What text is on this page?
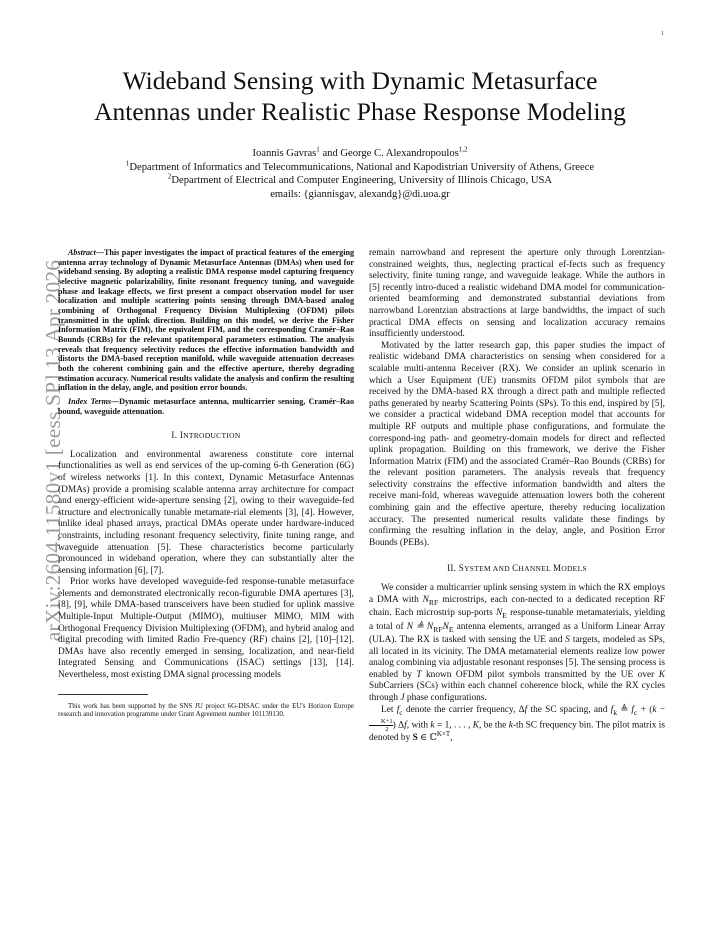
1
arXiv:2604.11580v1 [eess.SP] 13 Apr 2026
Wideband Sensing with Dynamic Metasurface
Antennas under Realistic Phase Response Modeling
Ioannis Gavras$^1$ and George C. Alexandropoulos$^{1,2}$
$^1$Department of Informatics and Telecommunications, National and Kapodistrian University of Athens, Greece
$^2$Department of Electrical and Computer Engineering, University of Illinois Chicago, USA
emails: {giannisgav, alexandg}@di.uoa.gr

Abstract—This paper investigates the impact of practical features of the emerging antenna array technology of Dynamic Metasurface Antennas (DMAs) when used for wideband sensing. By adopting a realistic DMA response model capturing frequency selective magnetic polarizability, finite resonant frequency tuning, and waveguide phase and leakage effects, we first present a compact observation model for user localization and multiple scattering points sensing through DMA-based analog combining of Orthogonal Frequency Division Multiplexing (OFDM) pilots transmitted in the uplink direction. Building on this model, we derive the Fisher Information Matrix (FIM), the equivalent FIM, and the corresponding Cramér–Rao Bounds (CRBs) for the relevant spatitemporal parameters estimation. The analysis reveals that frequency selectivity reduces the effective information bandwidth and distorts the DMA-based reception manifold, while waveguide attenuation decreases both the coherent combining gain and the effective aperture, thereby degrading estimation accuracy. Numerical results validate the analysis and confirm the resulting inflation in the delay, angle, and position error bounds.

Index Terms—Dynamic metasurface antenna, multicarrier sensing, Cramér–Rao bound, waveguide attenuation.

I. INTRODUCTION

Localization and environmental awareness constitute core internal functionalities as well as end services of the up-coming 6-th Generation (6G) of wireless networks [1]. In this context, Dynamic Metasurface Antennas (DMAs) provide a promising scalable antenna array architecture for compact and energy-efficient wide-aperture sensing [2], owing to their waveguide-fed structure and electronically tunable metamate-rial elements [3], [4]. However, unlike ideal phased arrays, practical DMAs operate under hardware-induced constraints, including resonant frequency selectivity, finite tuning range, and waveguide attenuation [5]. These characteristics become particularly pronounced in wideband operation, where they can substantially alter the sensing information [6], [7].

Prior works have developed waveguide-fed response-tunable metasurface elements and demonstrated electronically recon-figurable DMA apertures [3], [8], [9], while DMA-based transceivers have been studied for uplink massive Multiple-Input Multiple-Output (MIMO), multiuser MIMO, MIM with Orthogonal Frequency Division Multiplexing (OFDM), and hybrid analog and digital precoding with limited Radio Fre-quency (RF) chains [2], [10]–[12]. DMAs have also recently emerged in sensing, localization, and near-field Integrated Sensing and Communications (ISAC) settings [13], [14]. Nevertheless, most existing DMA signal processing models

This work has been supported by the SNS JU project 6G-DISAC under the EU's Horizon Europe research and innovation programme under Grant Agreement number 101139130.

remain narrowband and represent the aperture only through Lorentzian-constrained weights, thus, neglecting practical ef-fects such as frequency selectivity, finite tuning range, and waveguide leakage. While the authors in [5] recently intro-duced a realistic wideband DMA model for communication-oriented beamforming and demonstrated substantial deviations from narrowband Lorentzian abstractions at large bandwidths, the impact of such practical DMA effects on sensing and localization accuracy remains insufficiently understood.

Motivated by the latter research gap, this paper studies the impact of realistic wideband DMA characteristics on sensing when considered for a scalable multi-antenna Receiver (RX). We consider an uplink scenario in which a User Equipment (UE) transmits OFDM pilot symbols that are received by the DMA-based RX through a direct path and multiple reflected paths generated by nearby Scattering Points (SPs). To this end, inspired by [5], we consider a practical wideband DMA reception model that accounts for multiple RF outputs and multiple phase configurations, and formulate the correspond-ing path- and geometry-domain models for direct and reflected uplink propagation. Building on this framework, we derive the Fisher Information Matrix (FIM) and the associated Cramér–Rao Bounds (CRBs) for the relevant position parameters. The analysis reveals that frequency selectivity constrains the effective information bandwidth and alters the receive mani-fold, whereas waveguide attenuation lowers both the coherent combining gain and the effective aperture, thereby reducing localization accuracy. The presented numerical results validate these findings by confirming the resulting inflation in the delay, angle, and Position Error Bounds (PEBs).

II. SYSTEM AND CHANNEL MODELS

We consider a multicarrier uplink sensing system in which the RX employs a DMA with $N_{RF}$ microstrips, each con-nected to a dedicated reception RF chain. Each microstrip sup-ports $N_E$ response-tunable metamaterials, yielding a total of N ≜ $N_{RF}N_E$ antenna elements, arranged as a Uniform Linear Array (ULA). The RX is tasked with sensing the UE and S targets, modeled as SPs, all located in its vicinity. The DMA metamaterial elements realize low power analog combining via adjustable resonant responses [5]. The sensing process is enabled by T known OFDM pilot symbols transmitted by the UE over K SubCarriers (SCs) within each channel coherence block, while the RX cycles through J phase configurations.

Let $f_c$ denote the carrier frequency, Δf the SC spacing, and $f_k$ ≜ $f_c + (k$ −
$\frac{K+1}{2}$ ) Δf, with k = 1, . . . , K, be the k-th SC frequency bin. The pilot matrix is denoted by S ∈ ℂ$^{K\times T}$,
